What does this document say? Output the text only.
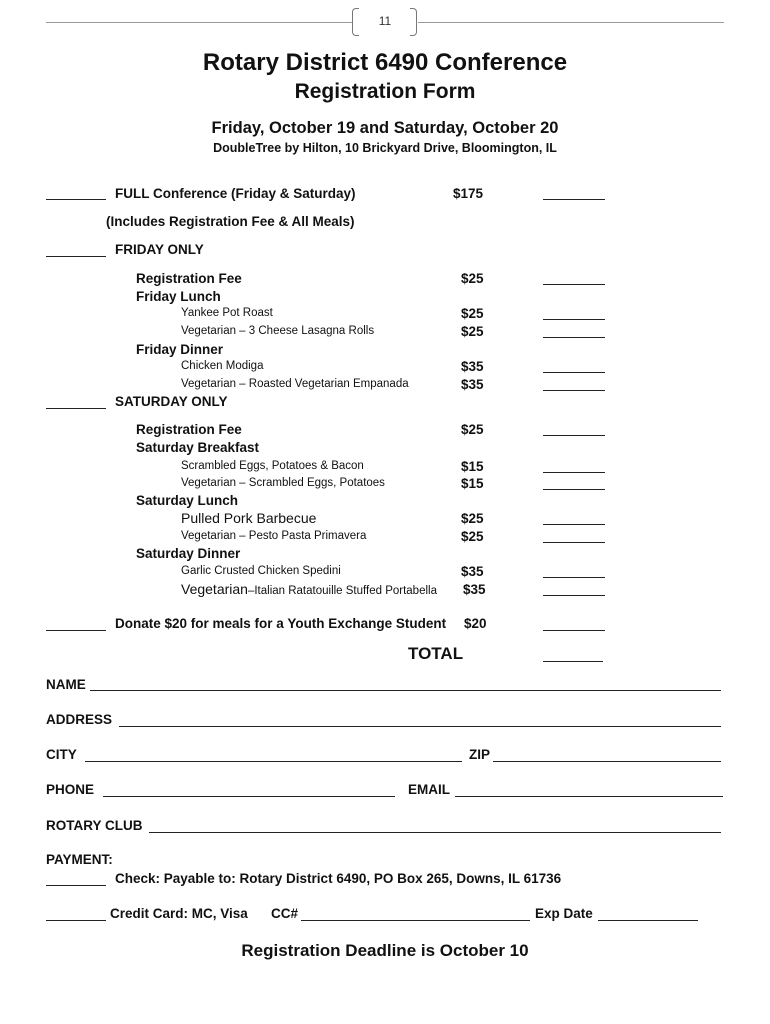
11
Rotary District 6490 Conference
Registration Form
Friday, October 19 and Saturday, October 20
DoubleTree by Hilton, 10 Brickyard Drive, Bloomington, IL
FULL Conference (Friday & Saturday)	$175
(Includes Registration Fee & All Meals)
FRIDAY ONLY
Registration Fee	$25
Friday Lunch
Yankee Pot Roast	$25
Vegetarian – 3 Cheese Lasagna Rolls	$25
Friday Dinner
Chicken Modiga	$35
Vegetarian – Roasted Vegetarian Empanada	$35
SATURDAY ONLY
Registration Fee	$25
Saturday Breakfast
Scrambled Eggs, Potatoes & Bacon	$15
Vegetarian – Scrambled Eggs, Potatoes	$15
Saturday Lunch
Pulled Pork Barbecue	$25
Vegetarian – Pesto Pasta Primavera	$25
Saturday Dinner
Garlic Crusted Chicken Spedini	$35
Vegetarian–Italian Ratatouille Stuffed Portabella $35
Donate $20 for meals for a Youth Exchange Student $20
TOTAL
NAME
ADDRESS
CITY	ZIP
PHONE	EMAIL
ROTARY CLUB
PAYMENT:
Check: Payable to: Rotary District 6490, PO Box 265, Downs, IL 61736
Credit Card: MC, Visa CC#	Exp Date
Registration Deadline is October 10
